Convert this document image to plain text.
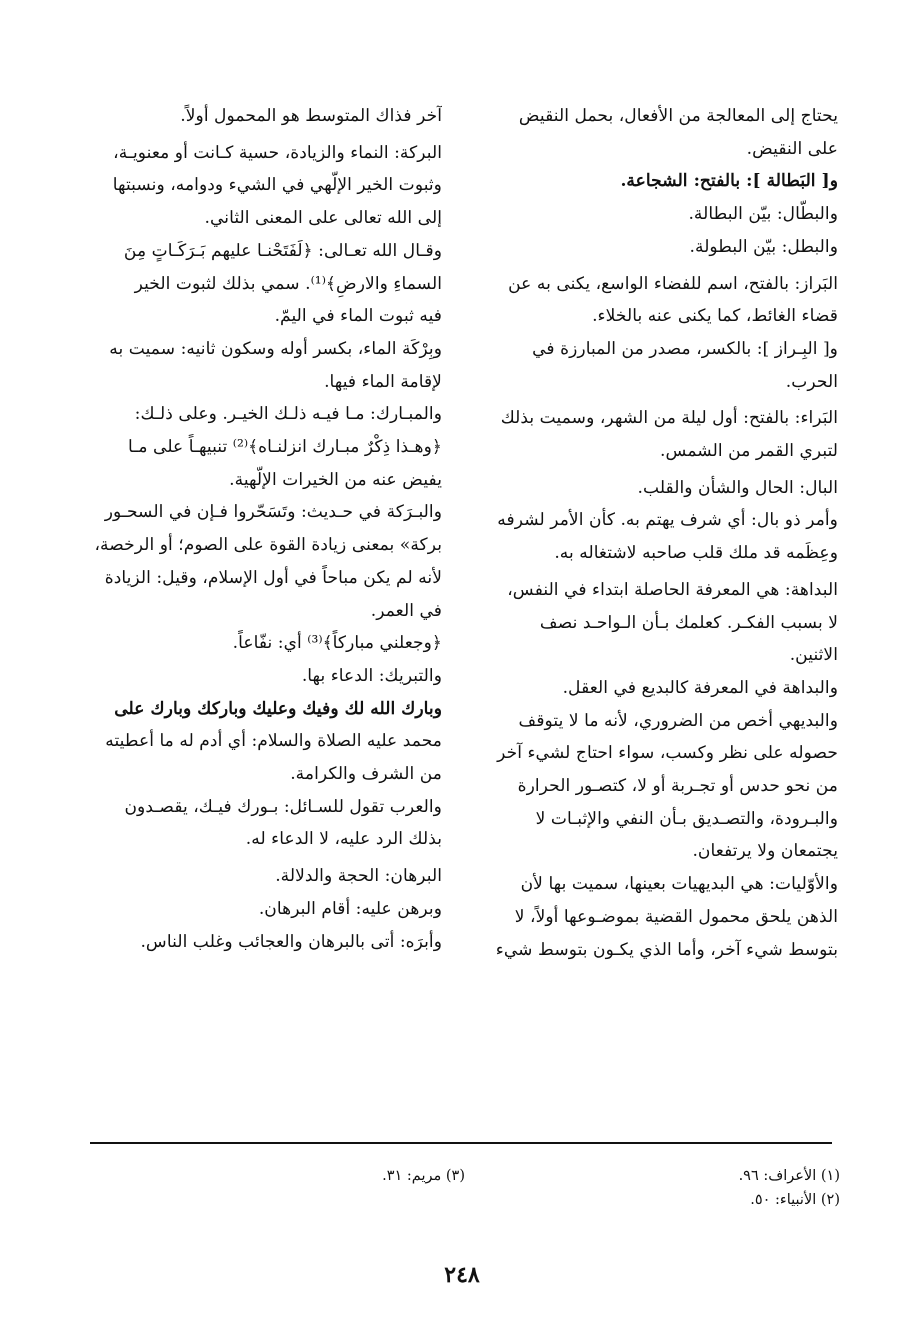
يحتاج إلى المعالجة من الأفعال، بحمل النقيض
على النقيض.
و[ البَطالة ]: بالفتح: الشجاعة.
والبطّال: بيّن البطالة.
والبطل: بيّن البطولة.
البَراز: بالفتح، اسم للفضاء الواسع، يكنى به عن
قضاء الغائط، كما يكنى عنه بالخلاء.
و[ البِـراز ]: بالكسر، مصدر من المبارزة في
الحرب.
البَراء: بالفتح: أول ليلة من الشهر، وسميت بذلك
لتبري القمر من الشمس.
البال: الحال والشأن والقلب.
وأمر ذو بال: أي شرف يهتم به. كأن الأمر لشرفه
وعِظَمه قد ملك قلب صاحبه لاشتغاله به.
البداهة: هي المعرفة الحاصلة ابتداء في النفس،
لا بسبب الفكـر. كعلمك بـأن الـواحـد نصف
الاثنين.
والبداهة في المعرفة كالبديع في العقل.
والبديهي أخص من الضروري، لأنه ما لا يتوقف
حصوله على نظر وكسب، سواء احتاج لشيء آخر
من نحو حدس أو تجـربة أو لا، كتصـور الحرارة
والبـرودة، والتصـديق بـأن النفي والإثبـات لا
يجتمعان ولا يرتفعان.
والأوّليات: هي البديهيات بعينها، سميت بها لأن
الذهن يلحق محمول القضية بموضـوعها أولاً، لا
بتوسط شيء آخر، وأما الذي يكـون بتوسط شيء
آخر فذاك المتوسط هو المحمول أولاً.
البركة: النماء والزيادة، حسية كـانت أو معنويـة،
وثبوت الخير الإلّهي في الشيء ودوامه، ونسبتها
إلى الله تعالى على المعنى الثاني.
وقـال الله تعـالى: ﴿لَفَتَحْنـا عليهم بَـرَكَـاتٍ مِنَ
السماءِ والارضِ﴾⁽¹⁾. سمي بذلك لثبوت الخير
فيه ثبوت الماء في اليمّ.
وبِرْكَة الماء، بكسر أوله وسكون ثانيه: سميت به
لإقامة الماء فيها.
والمبـارك: مـا فيـه ذلـك الخيـر. وعلى ذلـك:
﴿وهـذا ذِكْرٌ مبـارك انزلنـاه﴾⁽²⁾ تنبيهـاً على مـا
يفيض عنه من الخيرات الإلّهية.
والبـرَكة في حـديث: وتَسَحّروا فـإن في السحـور
بركة» بمعنى زيادة القوة على الصوم؛ أو الرخصة،
لأنه لم يكن مباحاً في أول الإسلام، وقيل: الزيادة
في العمر.
﴿وجعلني مباركاً﴾⁽³⁾ أي: نفّاعاً.
والتبريك: الدعاء بها.
وبارك الله لك وفيك وعليك وباركك وبارك على
محمد عليه الصلاة والسلام: أي أدم له ما أعطيته
من الشرف والكرامة.
والعرب تقول للسـائل: بـورك فيـك، يقصـدون
بذلك الرد عليه، لا الدعاء له.
البرهان: الحجة والدلالة.
وبرهن عليه: أقام البرهان.
وأبرَه: أتى بالبرهان والعجائب وغلب الناس.
(١) الأعراف: ٩٦.
(٢) الأنبياء: ٥٠.
(٣) مريم: ٣١.
٢٤٨
